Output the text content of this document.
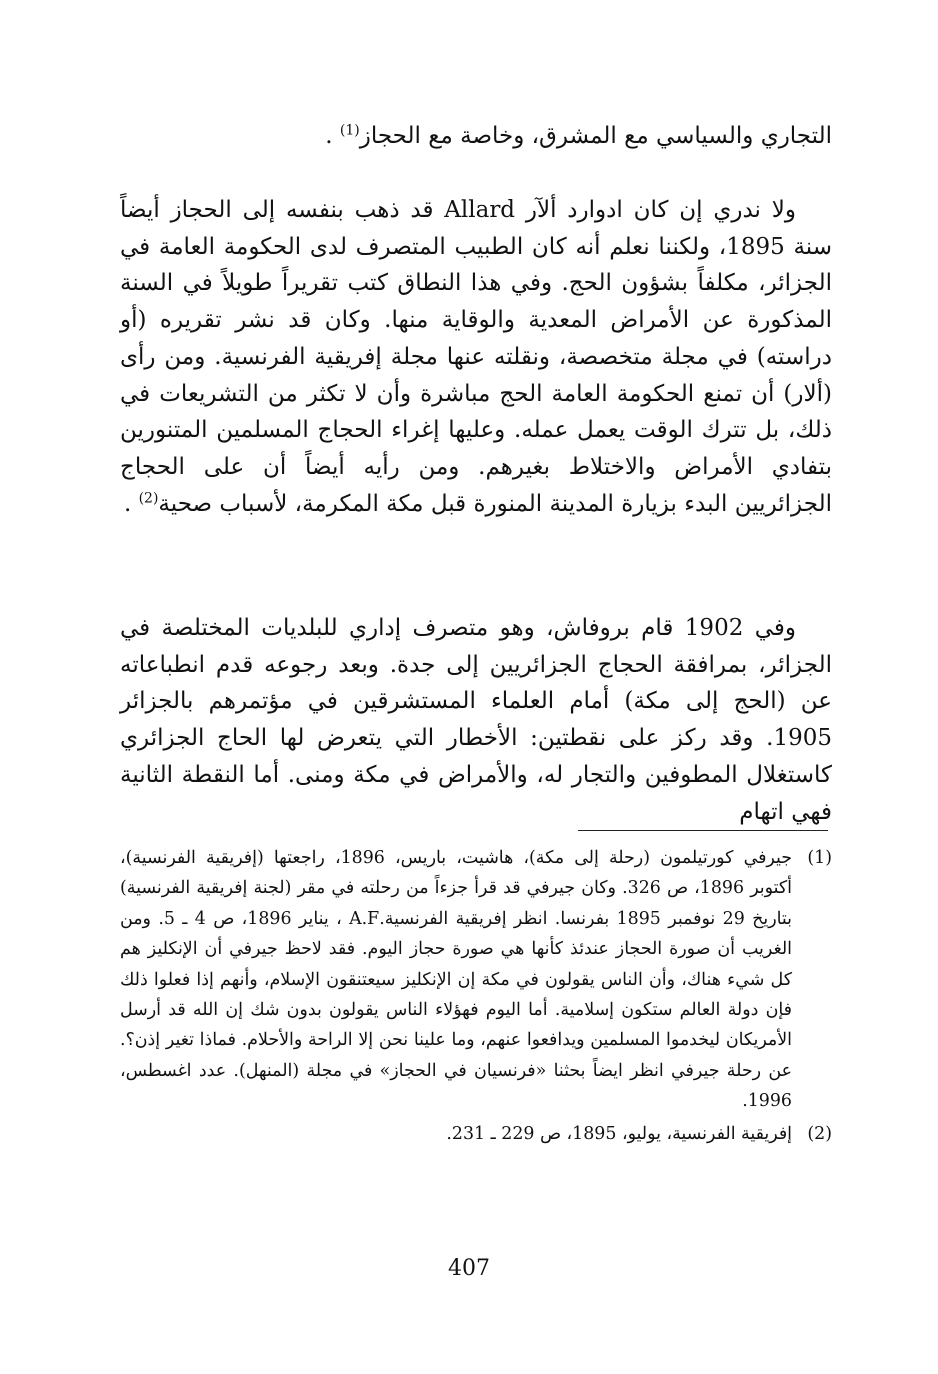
التجاري والسياسي مع المشرق، وخاصة مع الحجاز$^{(1)}$ .

ولا ندري إن كان ادوارد ألآر Allard قد ذهب بنفسه إلى الحجاز أيضاً سنة 1895، ولكننا نعلم أنه كان الطبيب المتصرف لدى الحكومة العامة في الجزائر، مكلفاً بشؤون الحج. وفي هذا النطاق كتب تقريراً طويلاً في السنة المذكورة عن الأمراض المعدية والوقاية منها. وكان قد نشر تقريره (أو دراسته) في مجلة متخصصة، ونقلته عنها مجلة إفريقية الفرنسية. ومن رأى (ألار) أن تمنع الحكومة العامة الحج مباشرة وأن لا تكثر من التشريعات في ذلك، بل تترك الوقت يعمل عمله. وعليها إغراء الحجاج المسلمين المتنورين بتفادي الأمراض والاختلاط بغيرهم. ومن رأيه أيضاً أن على الحجاج الجزائريين البدء بزيارة المدينة المنورة قبل مكة المكرمة، لأسباب صحية$^{(2)}$ .

وفي 1902 قام بروفاش، وهو متصرف إداري للبلديات المختلصة في الجزائر، بمرافقة الحجاج الجزائريين إلى جدة. وبعد رجوعه قدم انطباعاته عن (الحج إلى مكة) أمام العلماء المستشرقين في مؤتمرهم بالجزائر 1905. وقد ركز على نقطتين: الأخطار التي يتعرض لها الحاج الجزائري كاستغلال المطوفين والتجار له، والأمراض في مكة ومنى. أما النقطة الثانية فهي اتهام

(1)
جيرفي كورتيلمون (رحلة إلى مكة)، هاشيت، باريس، 1896، راجعتها (إفريقية الفرنسية)، أكتوبر 1896، ص 326. وكان جيرفي قد قرأ جزءاً من رحلته في مقر (لجنة إفريقية الفرنسية) بتاريخ 29 نوفمبر 1895 بفرنسا. انظر إفريقية الفرنسية.A.F ، يناير 1896، ص 4 ـ 5. ومن الغريب أن صورة الحجاز عندئذ كأنها هي صورة حجاز اليوم. فقد لاحظ جيرفي أن الإنكليز هم كل شيء هناك، وأن الناس يقولون في مكة إن الإنكليز سيعتنقون الإسلام، وأنهم إذا فعلوا ذلك فإن دولة العالم ستكون إسلامية. أما اليوم فهؤلاء الناس يقولون بدون شك إن الله قد أرسل الأمريكان ليخدموا المسلمين ويدافعوا عنهم، وما علينا نحن إلا الراحة والأحلام. فماذا تغير إذن؟. عن رحلة جيرفي انظر ايضاً بحثنا «فرنسيان في الحجاز» في مجلة (المنهل). عدد اغسطس، 1996.
(2)
إفريقية الفرنسية، يوليو، 1895، ص 229 ـ 231.
407
